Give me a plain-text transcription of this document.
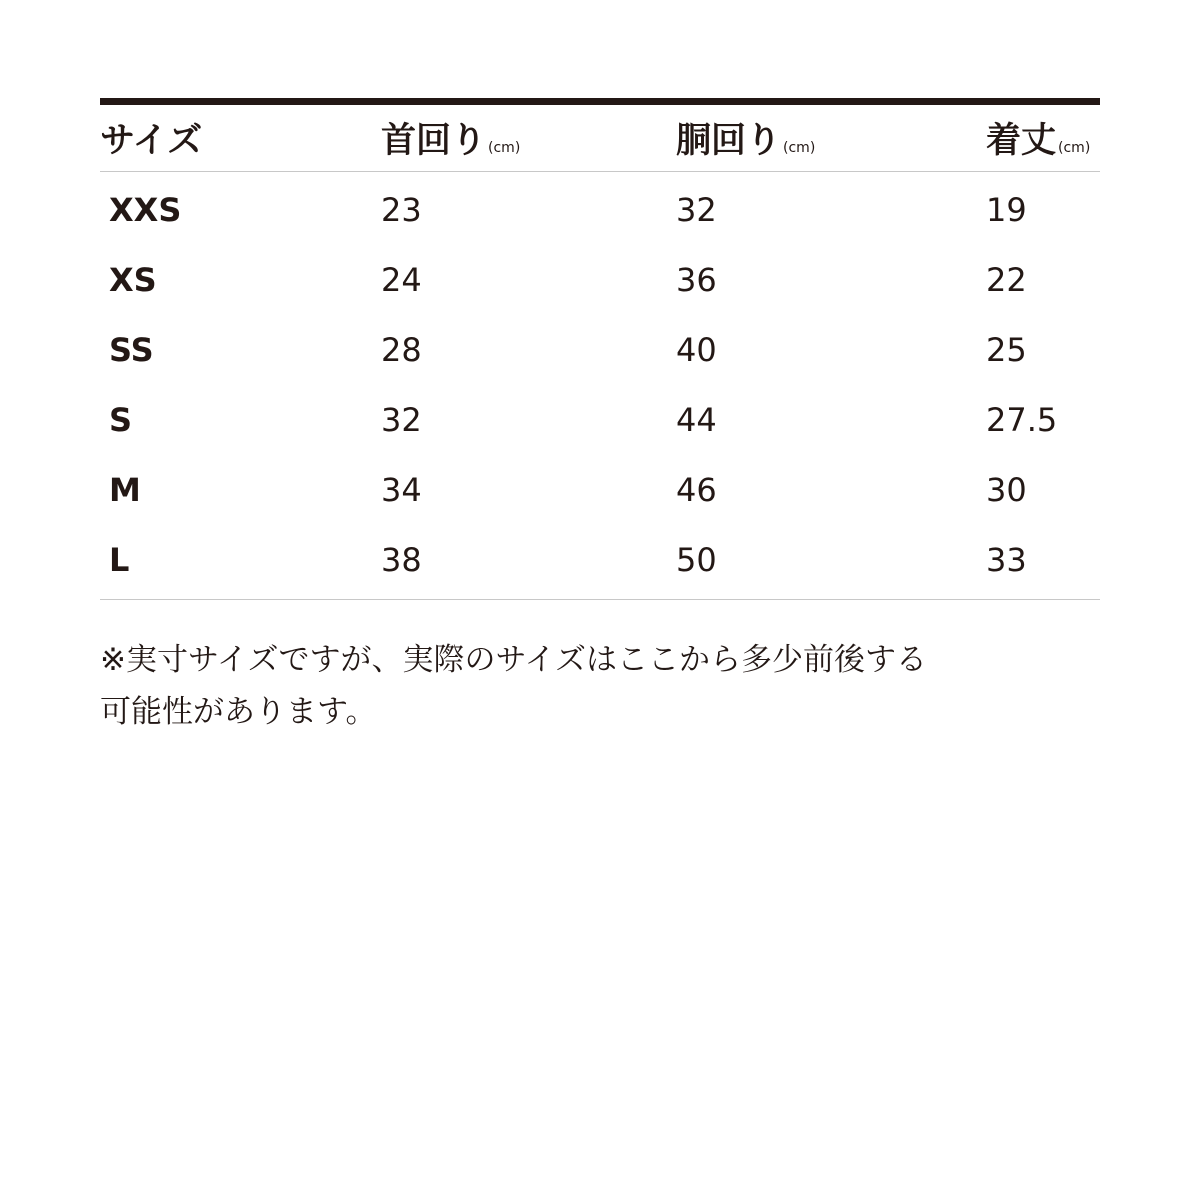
サイズ	首回り (cm)	胴回り (cm)	着丈 (cm)
XXS	23	32	19
XS	24	36	22
SS	28	40	25
S	32	44	27.5
M	34	46	30
L	38	50	33
※実寸サイズですが、実際のサイズはここから多少前後する
可能性があります。
